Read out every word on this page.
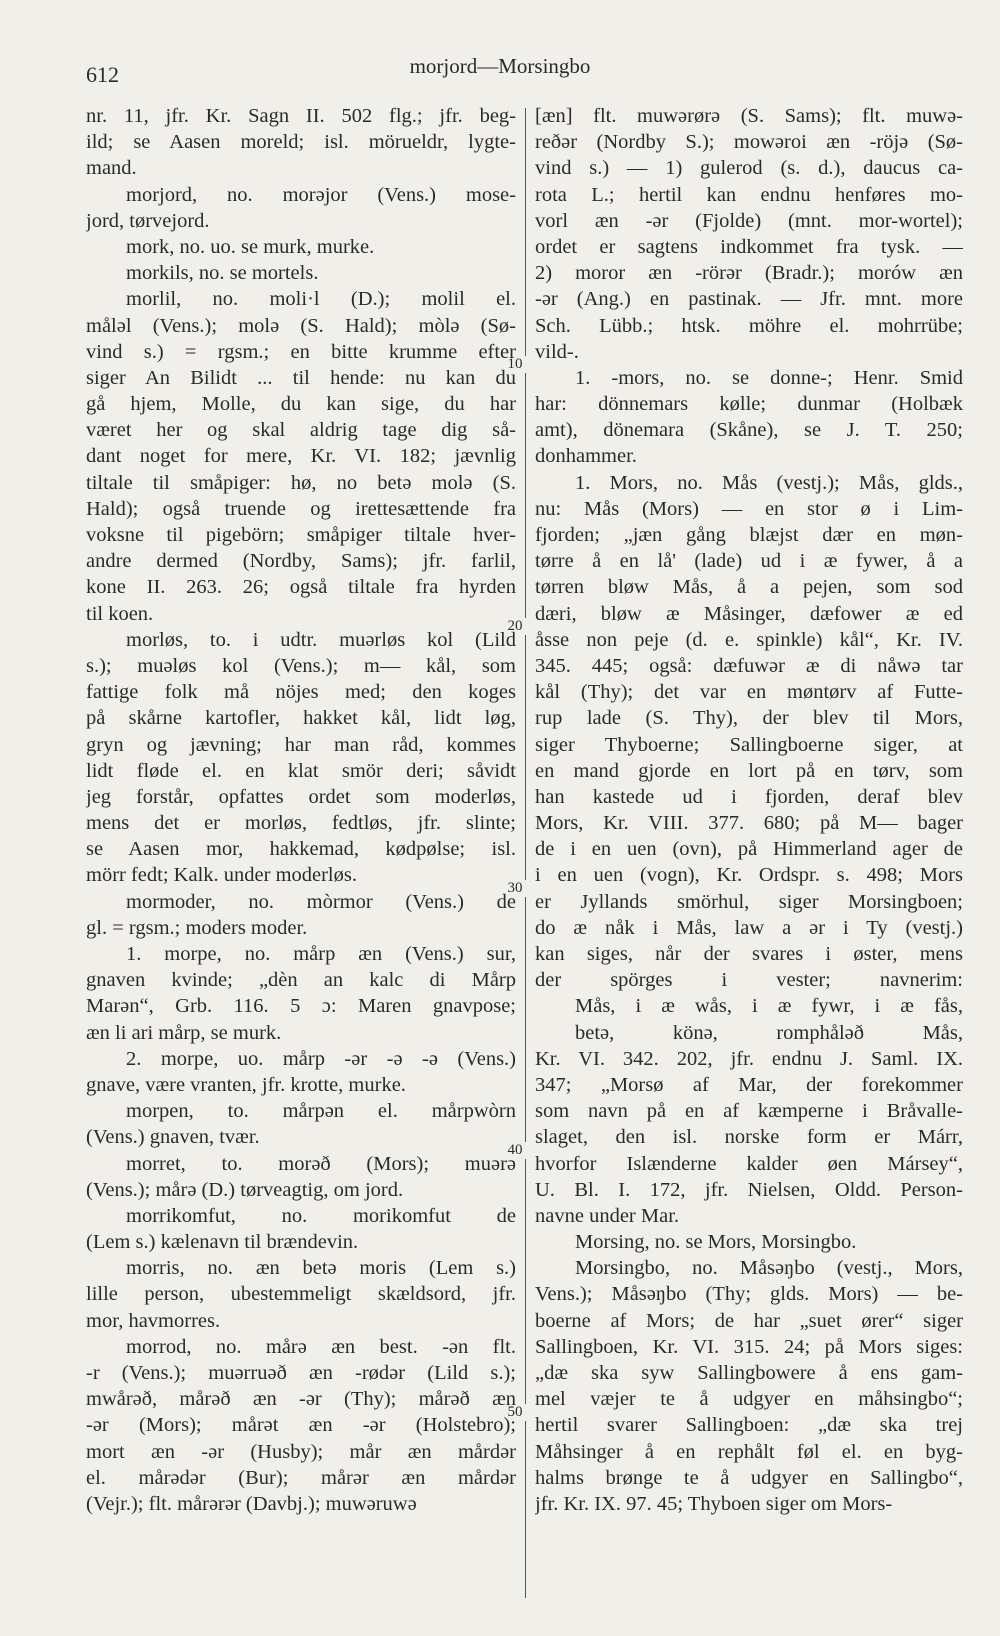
612	morjord—Morsingbo
10
20
30
40
50
nr. 11, jfr. Kr. Sagn II. 502 flg.; jfr. beg-
ild; se Aasen moreld; isl. mörueldr, lygte-
mand.
morjord, no. morəjor (Vens.) mose-
jord, tørvejord.
mork, no. uo. se murk, murke.
morkils, no. se mortels.
morlil, no. moli·l (D.); molil el.
måləl (Vens.); molə (S. Hald); mòlə (Sø-
vind s.) = rgsm.; en bitte krumme efter
siger An Bilidt ... til hende: nu kan du
gå hjem, Molle, du kan sige, du har
været her og skal aldrig tage dig så-
dant noget for mere, Kr. VI. 182; jævnlig
tiltale til småpiger: hø, no betə molə (S.
Hald); også truende og irettesættende fra
voksne til pigebörn; småpiger tiltale hver-
andre dermed (Nordby, Sams); jfr. farlil,
kone II. 263. 26; også tiltale fra hyrden
til koen.
morløs, to. i udtr. muərløs kol (Lild
s.); muəløs kol (Vens.); m— kål, som
fattige folk må nöjes med; den koges
på skårne kartofler, hakket kål, lidt løg,
gryn og jævning; har man råd, kommes
lidt fløde el. en klat smör deri; såvidt
jeg forstår, opfattes ordet som moderløs,
mens det er morløs, fedtløs, jfr. slinte;
se Aasen mor, hakkemad, kødpølse; isl.
mörr fedt; Kalk. under moderløs.
mormoder, no. mòrmor (Vens.) de
gl. = rgsm.; moders moder.
1. morpe, no. mårp æn (Vens.) sur,
gnaven kvinde; „dèn an kalc di Mårp
Marən“, Grb. 116. 5 ɔ: Maren gnavpose;
æn li ari mårp, se murk.
2. morpe, uo. mårp -ər -ə -ə (Vens.)
gnave, være vranten, jfr. krotte, murke.
morpen, to. mårpən el. mårpwòrn
(Vens.) gnaven, tvær.
morret, to. morəð (Mors); muərə
(Vens.); mårə (D.) tørveagtig, om jord.
morrikomfut, no. morikomfut de
(Lem s.) kælenavn til brændevin.
morris, no. æn betə moris (Lem s.)
lille person, ubestemmeligt skældsord, jfr.
mor, havmorres.
morrod, no. mårə æn best. -ən flt.
-r (Vens.); muərruəð æn -rødər (Lild s.);
mwårəð, mårəð æn -ər (Thy); mårəð æn
-ər (Mors); mårət æn -ər (Holstebro);
mort æn -ər (Husby); mår æn mårdər
el. mårədər (Bur); mårər æn mårdər
(Vejr.); flt. mårərər (Davbj.); muwəruwə
[æn] flt. muwərørə (S. Sams); flt. muwə-
reðər (Nordby S.); mowəroi æn -röjə (Sø-
vind s.) — 1) gulerod (s. d.), daucus ca-
rota L.; hertil kan endnu henføres mo-
vorl æn -ər (Fjolde) (mnt. mor-wortel);
ordet er sagtens indkommet fra tysk. —
2) moror æn -rörər (Bradr.); morów æn
-ər (Ang.) en pastinak. — Jfr. mnt. more
Sch. Lübb.; htsk. möhre el. mohrrübe;
vild-.
1. -mors, no. se donne-; Henr. Smid
har: dönnemars kølle; dunmar (Holbæk
amt), dönemara (Skåne), se J. T. 250;
donhammer.
1. Mors, no. Mås (vestj.); Mås, glds.,
nu: Mås (Mors) — en stor ø i Lim-
fjorden; „jæn gång blæjst dær en møn-
tørre å en lå' (lade) ud i æ fywer, å a
tørren bløw Mås, å a pejen, som sod
dæri, bløw æ Måsinger, dæfower æ ed
åsse non peje (d. e. spinkle) kål“, Kr. IV.
345. 445; også: dæfuwər æ di nåwə tar
kål (Thy); det var en møntørv af Futte-
rup lade (S. Thy), der blev til Mors,
siger Thyboerne; Sallingboerne siger, at
en mand gjorde en lort på en tørv, som
han kastede ud i fjorden, deraf blev
Mors, Kr. VIII. 377. 680; på M— bager
de i en uen (ovn), på Himmerland ager de
i en uen (vogn), Kr. Ordspr. s. 498; Mors
er Jyllands smörhul, siger Morsingboen;
do æ nåk i Mås, law a ər i Ty (vestj.)
kan siges, når der svares i øster, mens
der spörges i vester; navnerim:
Mås, i æ wås, i æ fywr, i æ fås,
betə, könə, romphåləð Mås,
Kr. VI. 342. 202, jfr. endnu J. Saml. IX.
347; „Morsø af Mar, der forekommer
som navn på en af kæmperne i Bråvalle-
slaget, den isl. norske form er Márr,
hvorfor Islænderne kalder øen Mársey“,
U. Bl. I. 172, jfr. Nielsen, Oldd. Person-
navne under Mar.
Morsing, no. se Mors, Morsingbo.
Morsingbo, no. Måsəŋbo (vestj., Mors,
Vens.); Måsəŋbo (Thy; glds. Mors) — be-
boerne af Mors; de har „suet ører“ siger
Sallingboen, Kr. VI. 315. 24; på Mors siges:
„dæ ska syw Sallingbowere å ens gam-
mel væjer te å udgyer en måhsingbo“;
hertil svarer Sallingboen: „dæ ska trej
Måhsinger å en rephålt føl el. en byg-
halms brønge te å udgyer en Sallingbo“,
jfr. Kr. IX. 97. 45; Thyboen siger om Mors-
